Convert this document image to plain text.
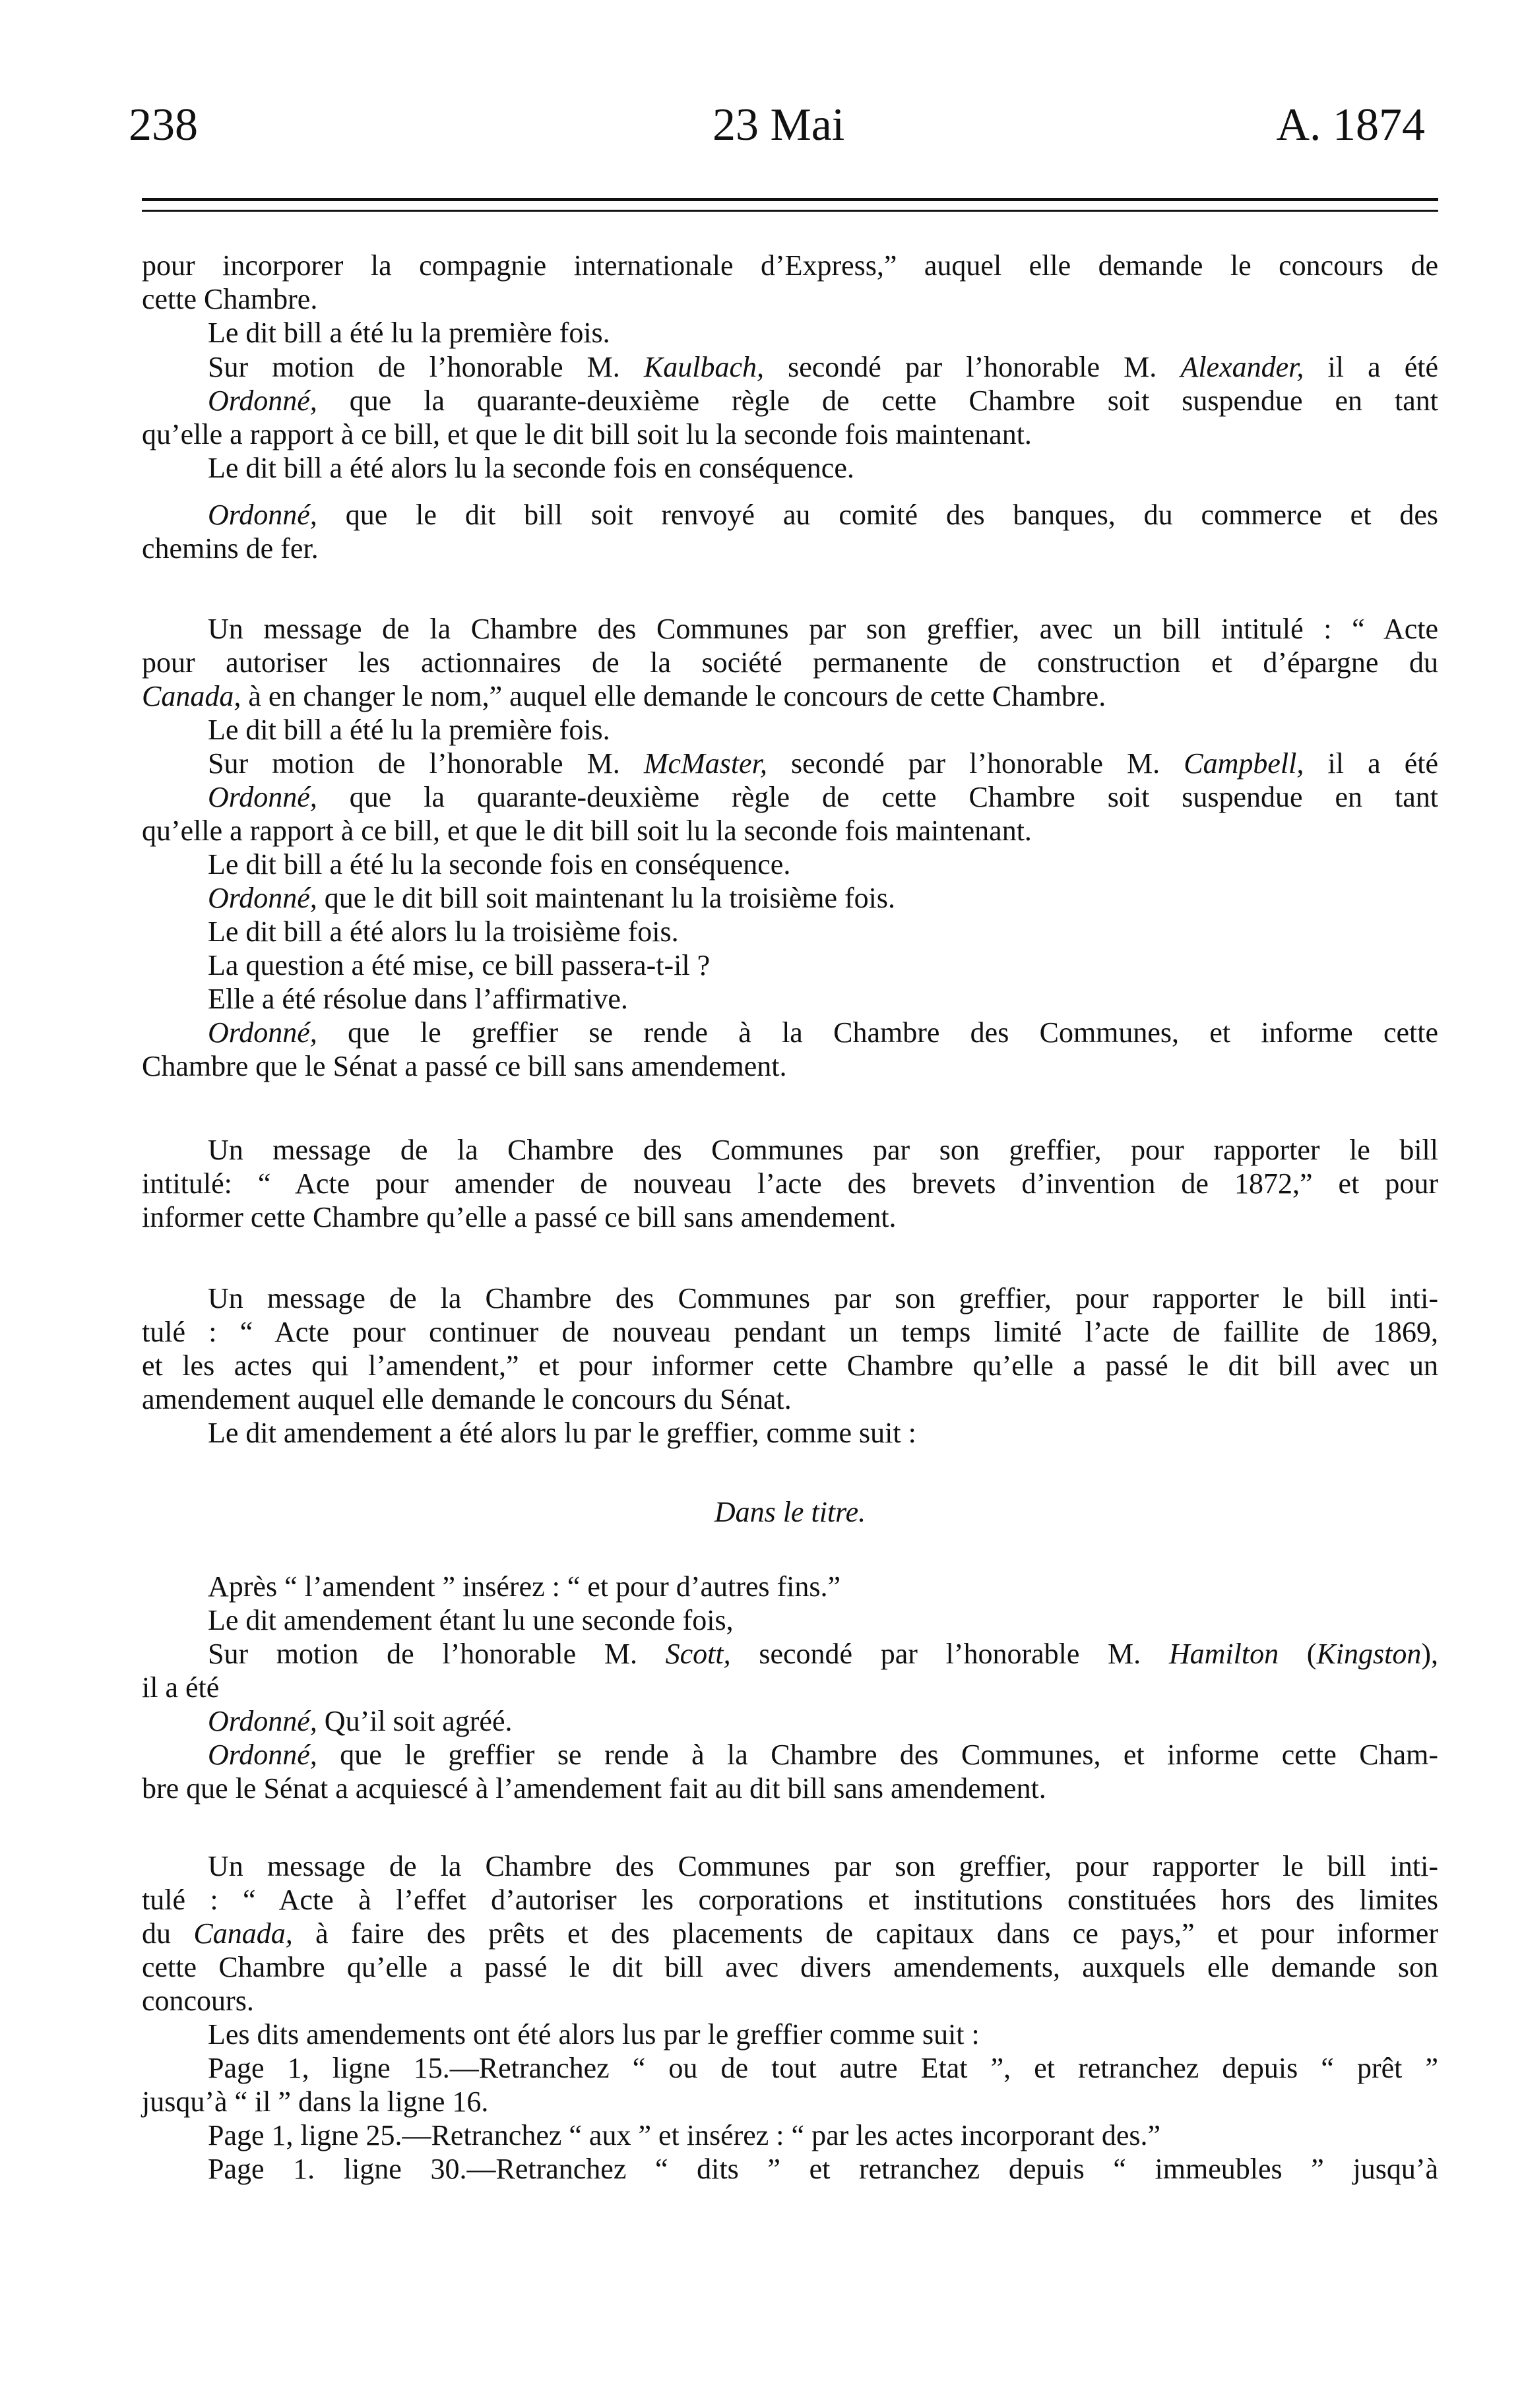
238	23 Mai	A. 1874
pour incorporer la compagnie internationale d’Express,” auquel elle demande le concours de
cette Chambre.
Le dit bill a été lu la première fois.
Sur motion de l’honorable M. Kaulbach, secondé par l’honorable M. Alexander, il a été
Ordonné, que la quarante-deuxième règle de cette Chambre soit suspendue en tant
qu’elle a rapport à ce bill, et que le dit bill soit lu la seconde fois maintenant.
Le dit bill a été alors lu la seconde fois en conséquence.
Ordonné, que le dit bill soit renvoyé au comité des banques, du commerce et des
chemins de fer.
Un message de la Chambre des Communes par son greffier, avec un bill intitulé : “ Acte
pour autoriser les actionnaires de la société permanente de construction et d’épargne du
Canada, à en changer le nom,” auquel elle demande le concours de cette Chambre.
Le dit bill a été lu la première fois.
Sur motion de l’honorable M. McMaster, secondé par l’honorable M. Campbell, il a été
Ordonné, que la quarante-deuxième règle de cette Chambre soit suspendue en tant
qu’elle a rapport à ce bill, et que le dit bill soit lu la seconde fois maintenant.
Le dit bill a été lu la seconde fois en conséquence.
Ordonné, que le dit bill soit maintenant lu la troisième fois.
Le dit bill a été alors lu la troisième fois.
La question a été mise, ce bill passera-t-il ?
Elle a été résolue dans l’affirmative.
Ordonné, que le greffier se rende à la Chambre des Communes, et informe cette
Chambre que le Sénat a passé ce bill sans amendement.
Un message de la Chambre des Communes par son greffier, pour rapporter le bill
intitulé: “ Acte pour amender de nouveau l’acte des brevets d’invention de 1872,” et pour
informer cette Chambre qu’elle a passé ce bill sans amendement.
Un message de la Chambre des Communes par son greffier, pour rapporter le bill inti-
tulé : “ Acte pour continuer de nouveau pendant un temps limité l’acte de faillite de 1869,
et les actes qui l’amendent,” et pour informer cette Chambre qu’elle a passé le dit bill avec un
amendement auquel elle demande le concours du Sénat.
Le dit amendement a été alors lu par le greffier, comme suit :
Dans le titre.
Après “ l’amendent ” insérez : “ et pour d’autres fins.”
Le dit amendement étant lu une seconde fois,
Sur motion de l’honorable M. Scott, secondé par l’honorable M. Hamilton (Kingston),
il a été
Ordonné, Qu’il soit agréé.
Ordonné, que le greffier se rende à la Chambre des Communes, et informe cette Cham-
bre que le Sénat a acquiescé à l’amendement fait au dit bill sans amendement.
Un message de la Chambre des Communes par son greffier, pour rapporter le bill inti-
tulé : “ Acte à l’effet d’autoriser les corporations et institutions constituées hors des limites
du Canada, à faire des prêts et des placements de capitaux dans ce pays,” et pour informer
cette Chambre qu’elle a passé le dit bill avec divers amendements, auxquels elle demande son
concours.
Les dits amendements ont été alors lus par le greffier comme suit :
Page 1, ligne 15.—Retranchez “ ou de tout autre Etat ”, et retranchez depuis “ prêt ”
jusqu’à “ il ” dans la ligne 16.
Page 1, ligne 25.—Retranchez “ aux ” et insérez : “ par les actes incorporant des.”
Page 1. ligne 30.—Retranchez “ dits ” et retranchez depuis “ immeubles ” jusqu’à
